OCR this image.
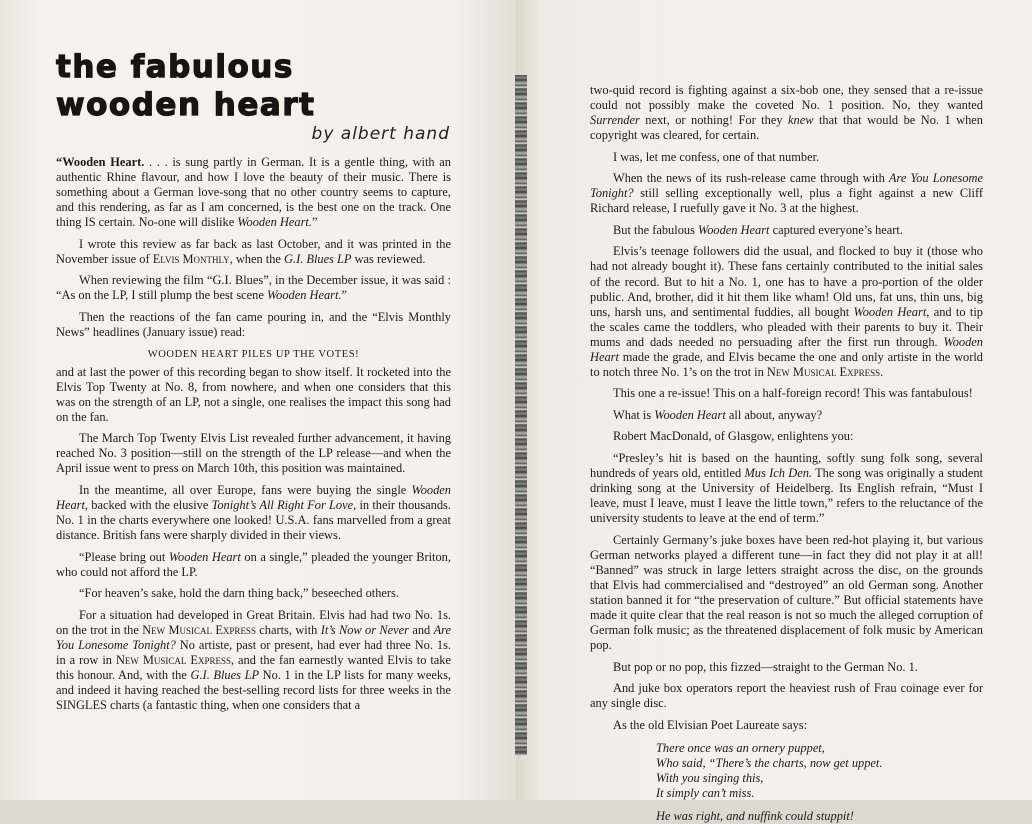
the fabulous
wooden heart

by albert hand

“Wooden Heart. . . . is sung partly in German. It is a gentle thing, with an authentic Rhine flavour, and how I love the beauty of their music. There is something about a German love-song that no other country seems to capture, and this rendering, as far as I am concerned, is the best one on the track. One thing IS certain. No-one will dislike Wooden Heart.”

I wrote this review as far back as last October, and it was printed in the November issue of Elvis Monthly, when the G.I. Blues LP was reviewed.

When reviewing the film “G.I. Blues”, in the December issue, it was said : “As on the LP, I still plump the best scene Wooden Heart.”

Then the reactions of the fan came pouring in, and the “Elvis Monthly News” headlines (January issue) read:

WOODEN HEART PILES UP THE VOTES!

and at last the power of this recording began to show itself. It rocketed into the Elvis Top Twenty at No. 8, from nowhere, and when one considers that this was on the strength of an LP, not a single, one realises the impact this song had on the fan.

The March Top Twenty Elvis List revealed further advancement, it having reached No. 3 position—still on the strength of the LP release—and when the April issue went to press on March 10th, this position was maintained.

In the meantime, all over Europe, fans were buying the single Wooden Heart, backed with the elusive Tonight’s All Right For Love, in their thousands. No. 1 in the charts everywhere one looked! U.S.A. fans marvelled from a great distance. British fans were sharply divided in their views.

“Please bring out Wooden Heart on a single,” pleaded the younger Briton, who could not afford the LP.

“For heaven’s sake, hold the darn thing back,” beseeched others.

For a situation had developed in Great Britain. Elvis had had two No. 1s. on the trot in the New Musical Express charts, with It’s Now or Never and Are You Lonesome Tonight? No artiste, past or present, had ever had three No. 1s. in a row in New Musical Express, and the fan earnestly wanted Elvis to take this honour. And, with the G.I. Blues LP No. 1 in the LP lists for many weeks, and indeed it having reached the best-selling record lists for three weeks in the SINGLES charts (a fantastic thing, when one considers that a

two-quid record is fighting against a six-bob one, they sensed that a re-issue could not possibly make the coveted No. 1 position. No, they wanted Surrender next, or nothing! For they knew that that would be No. 1 when copyright was cleared, for certain.

I was, let me confess, one of that number.

When the news of its rush-release came through with Are You Lonesome Tonight? still selling exceptionally well, plus a fight against a new Cliff Richard release, I ruefully gave it No. 3 at the highest.

But the fabulous Wooden Heart captured everyone’s heart.

Elvis’s teenage followers did the usual, and flocked to buy it (those who had not already bought it). These fans certainly contributed to the initial sales of the record. But to hit a No. 1, one has to have a pro-portion of the older public. And, brother, did it hit them like wham! Old uns, fat uns, thin uns, big uns, harsh uns, and sentimental fuddies, all bought Wooden Heart, and to tip the scales came the toddlers, who pleaded with their parents to buy it. Their mums and dads needed no persuading after the first run through. Wooden Heart made the grade, and Elvis became the one and only artiste in the world to notch three No. 1’s on the trot in New Musical Express.

This one a re-issue! This on a half-foreign record! This was fantabulous!

What is Wooden Heart all about, anyway?

Robert MacDonald, of Glasgow, enlightens you:

“Presley’s hit is based on the haunting, softly sung folk song, several hundreds of years old, entitled Mus Ich Den. The song was originally a student drinking song at the University of Heidelberg. Its English refrain, “Must I leave, must I leave, must I leave the little town,” refers to the reluctance of the university students to leave at the end of term.”

Certainly Germany’s juke boxes have been red-hot playing it, but various German networks played a different tune—in fact they did not play it at all! “Banned” was struck in large letters straight across the disc, on the grounds that Elvis had commercialised and “destroyed” an old German song. Another station banned it for “the preservation of culture.” But official statements have made it quite clear that the real reason is not so much the alleged corruption of German folk music; as the threatened displacement of folk music by American pop.

But pop or no pop, this fizzed—straight to the German No. 1.

And juke box operators report the heaviest rush of Frau coinage ever for any single disc.

As the old Elvisian Poet Laureate says:

There once was an ornery puppet,
Who said, “There’s the charts, now get uppet.
With you singing this,
It simply can’t miss.
He was right, and nuffink could stuppit!
